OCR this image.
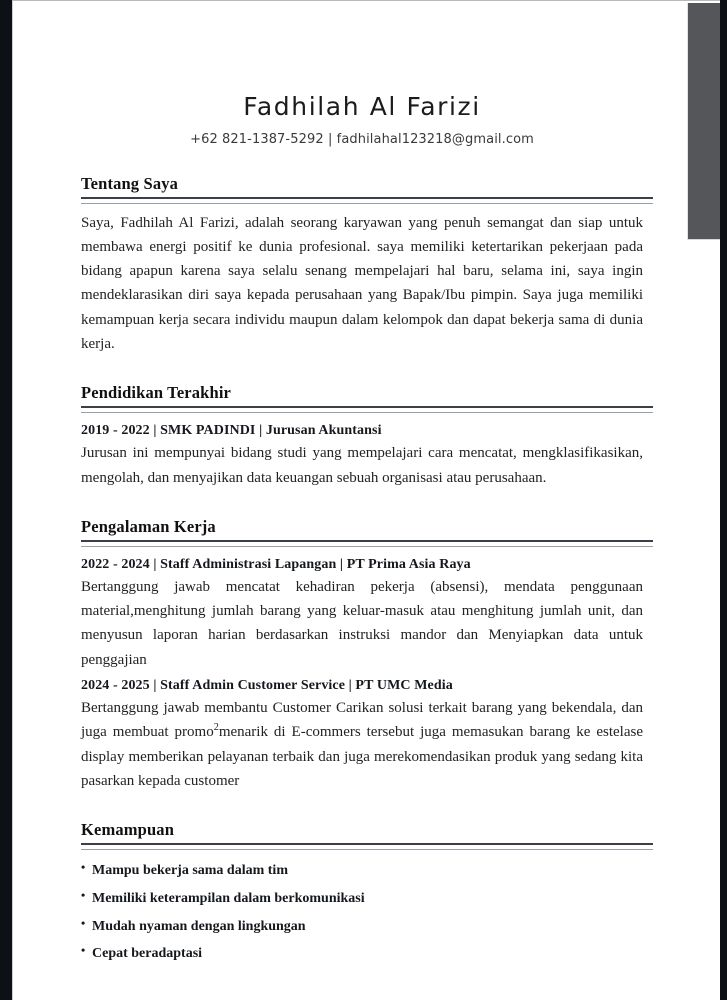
Fadhilah Al Farizi
+62 821-1387-5292 | fadhilahal123218@gmail.com
Tentang Saya
Saya, Fadhilah Al Farizi, adalah seorang karyawan yang penuh semangat dan siap untuk membawa energi positif ke dunia profesional. saya memiliki ketertarikan pekerjaan pada bidang apapun karena saya selalu senang mempelajari hal baru, selama ini, saya ingin mendeklarasikan diri saya kepada perusahaan yang Bapak/Ibu pimpin. Saya juga memiliki kemampuan kerja secara individu maupun dalam kelompok dan dapat bekerja sama di dunia kerja.
Pendidikan Terakhir
2019 - 2022 | SMK PADINDI | Jurusan Akuntansi
Jurusan ini mempunyai bidang studi yang mempelajari cara mencatat, mengklasifikasikan, mengolah, dan menyajikan data keuangan sebuah organisasi atau perusahaan.
Pengalaman Kerja
2022 - 2024 | Staff Administrasi Lapangan | PT Prima Asia Raya
Bertanggung jawab mencatat kehadiran pekerja (absensi), mendata penggunaan material,menghitung jumlah barang yang keluar-masuk atau menghitung jumlah unit, dan menyusun laporan harian berdasarkan instruksi mandor dan Menyiapkan data untuk penggajian
2024 - 2025 | Staff Admin Customer Service | PT UMC Media
Bertanggung jawab membantu Customer Carikan solusi terkait barang yang bekendala, dan juga membuat promo$^2$menarik di E-commers tersebut juga memasukan barang ke estelase display memberikan pelayanan terbaik dan juga merekomendasikan produk yang sedang kita pasarkan kepada customer
Kemampuan
• Mampu bekerja sama dalam tim
• Memiliki keterampilan dalam berkomunikasi
• Mudah nyaman dengan lingkungan
• Cepat beradaptasi
